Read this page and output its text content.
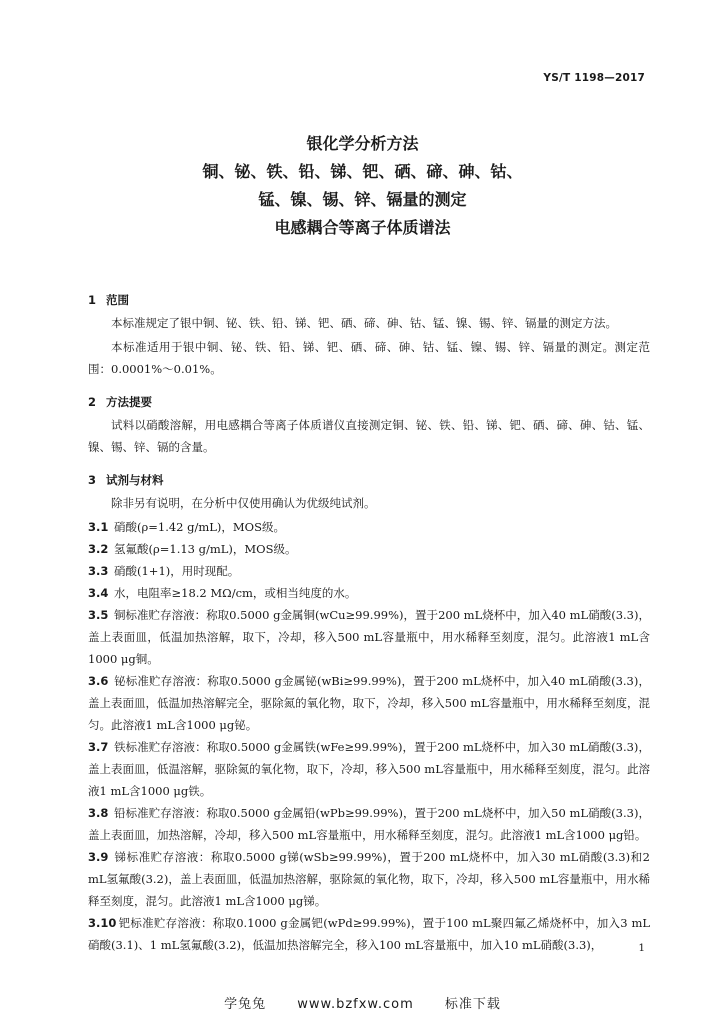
YS/T 1198—2017
银化学分析方法
铜、铋、铁、铅、锑、钯、硒、碲、砷、钴、
锰、镍、锡、锌、镉量的测定
电感耦合等离子体质谱法
1 范围
本标准规定了银中铜、铋、铁、铅、锑、钯、硒、碲、砷、钴、锰、镍、锡、锌、镉量的测定方法。
本标准适用于银中铜、铋、铁、铅、锑、钯、硒、碲、砷、钴、锰、镍、锡、锌、镉量的测定。测定范围：0.0001%～0.01%。
2 方法提要
试料以硝酸溶解，用电感耦合等离子体质谱仪直接测定铜、铋、铁、铅、锑、钯、硒、碲、砷、钴、锰、镍、锡、锌、镉的含量。
3 试剂与材料
除非另有说明，在分析中仅使用确认为优级纯试剂。
3.1 硝酸(ρ=1.42 g/mL)，MOS级。
3.2 氢氟酸(ρ=1.13 g/mL)，MOS级。
3.3 硝酸(1+1)，用时现配。
3.4 水，电阻率≥18.2 MΩ/cm，或相当纯度的水。
3.5 铜标准贮存溶液：称取0.5000 g金属铜(wCu≥99.99%)，置于200 mL烧杯中，加入40 mL硝酸(3.3)，盖上表面皿，低温加热溶解，取下，冷却，移入500 mL容量瓶中，用水稀释至刻度，混匀。此溶液1 mL含1000 μg铜。
3.6 铋标准贮存溶液：称取0.5000 g金属铋(wBi≥99.99%)，置于200 mL烧杯中，加入40 mL硝酸(3.3)，盖上表面皿，低温加热溶解完全，驱除氮的氧化物，取下，冷却，移入500 mL容量瓶中，用水稀释至刻度，混匀。此溶液1 mL含1000 μg铋。
3.7 铁标准贮存溶液：称取0.5000 g金属铁(wFe≥99.99%)，置于200 mL烧杯中，加入30 mL硝酸(3.3)，盖上表面皿，低温溶解，驱除氮的氧化物，取下，冷却，移入500 mL容量瓶中，用水稀释至刻度，混匀。此溶液1 mL含1000 μg铁。
3.8 铅标准贮存溶液：称取0.5000 g金属铅(wPb≥99.99%)，置于200 mL烧杯中，加入50 mL硝酸(3.3)，盖上表面皿，加热溶解，冷却，移入500 mL容量瓶中，用水稀释至刻度，混匀。此溶液1 mL含1000 μg铅。
3.9 锑标准贮存溶液：称取0.5000 g锑(wSb≥99.99%)，置于200 mL烧杯中，加入30 mL硝酸(3.3)和2 mL氢氟酸(3.2)，盖上表面皿，低温加热溶解，驱除氮的氧化物，取下，冷却，移入500 mL容量瓶中，用水稀释至刻度，混匀。此溶液1 mL含1000 μg锑。
3.10 钯标准贮存溶液：称取0.1000 g金属钯(wPd≥99.99%)，置于100 mL聚四氟乙烯烧杯中，加入3 mL硝酸(3.1)、1 mL氢氟酸(3.2)，低温加热溶解完全，移入100 mL容量瓶中，加入10 mL硝酸(3.3)，	1
学兔兔 www.bzfxw.com 标准下载
